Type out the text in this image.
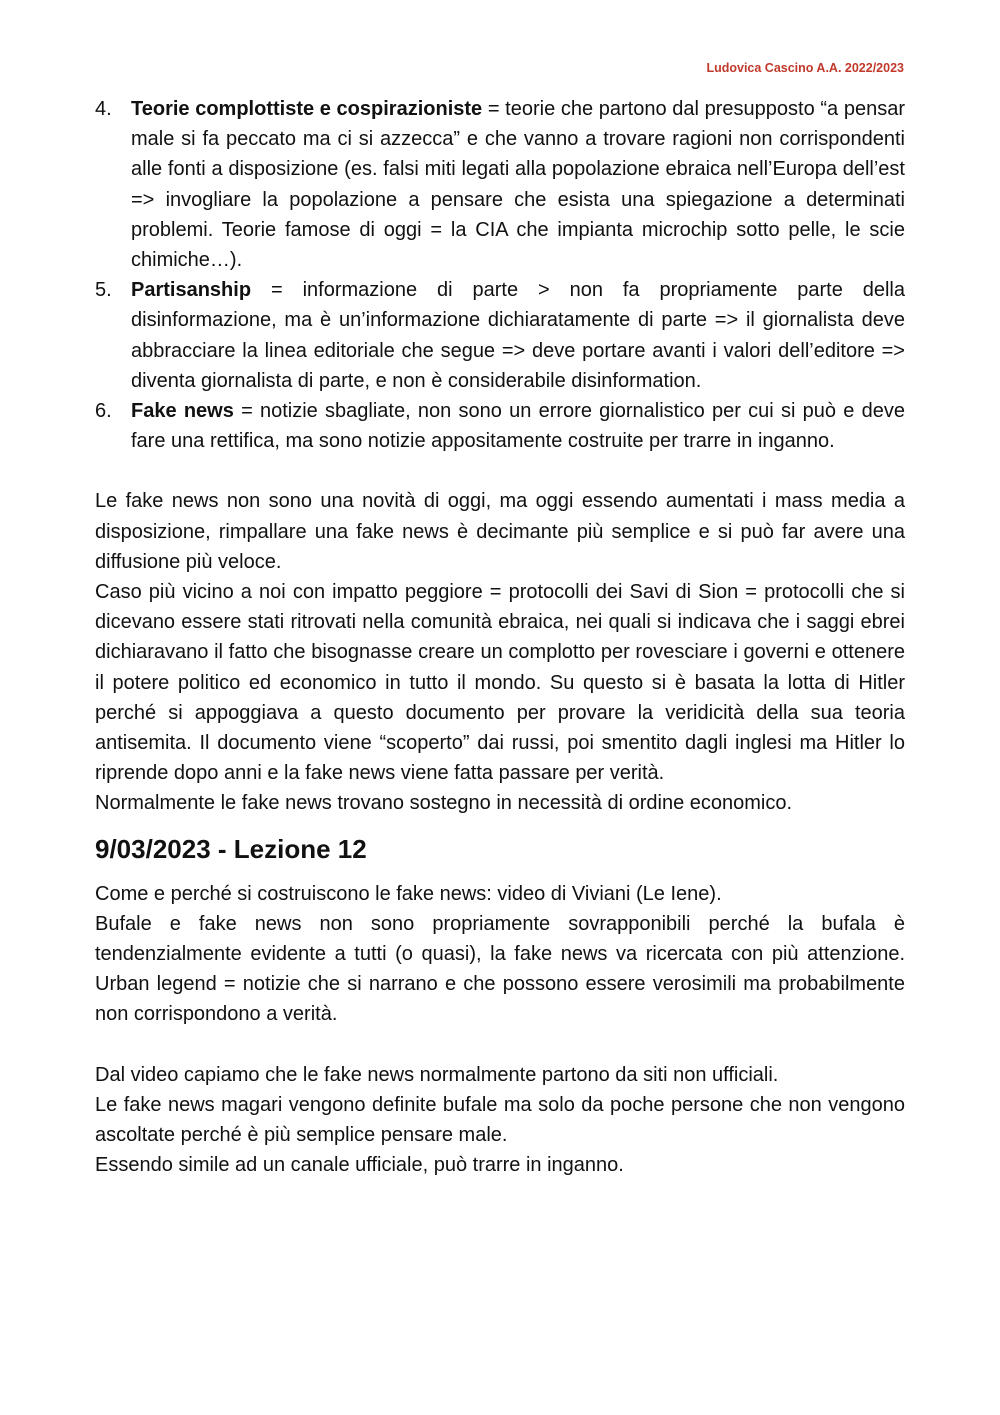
Ludovica Cascino A.A. 2022/2023
4. Teorie complottiste e cospirazioniste = teorie che partono dal presupposto “a pensar male si fa peccato ma ci si azzecca” e che vanno a trovare ragioni non corrispondenti alle fonti a disposizione (es. falsi miti legati alla popolazione ebraica nell’Europa dell’est => invogliare la popolazione a pensare che esista una spiegazione a determinati problemi. Teorie famose di oggi = la CIA che impianta microchip sotto pelle, le scie chimiche…).
5. Partisanship = informazione di parte > non fa propriamente parte della disinformazione, ma è un’informazione dichiaratamente di parte => il giornalista deve abbracciare la linea editoriale che segue => deve portare avanti i valori dell’editore => diventa giornalista di parte, e non è considerabile disinformation.
6. Fake news = notizie sbagliate, non sono un errore giornalistico per cui si può e deve fare una rettifica, ma sono notizie appositamente costruite per trarre in inganno.

Le fake news non sono una novità di oggi, ma oggi essendo aumentati i mass media a disposizione, rimpallare una fake news è decimante più semplice e si può far avere una diffusione più veloce.

Caso più vicino a noi con impatto peggiore = protocolli dei Savi di Sion = protocolli che si dicevano essere stati ritrovati nella comunità ebraica, nei quali si indicava che i saggi ebrei dichiaravano il fatto che bisognasse creare un complotto per rovesciare i governi e ottenere il potere politico ed economico in tutto il mondo. Su questo si è basata la lotta di Hitler perché si appoggiava a questo documento per provare la veridicità della sua teoria antisemita. Il documento viene “scoperto” dai russi, poi smentito dagli inglesi ma Hitler lo riprende dopo anni e la fake news viene fatta passare per verità.

Normalmente le fake news trovano sostegno in necessità di ordine economico.

9/03/2023 - Lezione 12

Come e perché si costruiscono le fake news: video di Viviani (Le Iene).

Bufale e fake news non sono propriamente sovrapponibili perché la bufala è tendenzialmente evidente a tutti (o quasi), la fake news va ricercata con più attenzione. Urban legend = notizie che si narrano e che possono essere verosimili ma probabilmente non corrispondono a verità.

Dal video capiamo che le fake news normalmente partono da siti non ufficiali.

Le fake news magari vengono definite bufale ma solo da poche persone che non vengono ascoltate perché è più semplice pensare male.

Essendo simile ad un canale ufficiale, può trarre in inganno.
